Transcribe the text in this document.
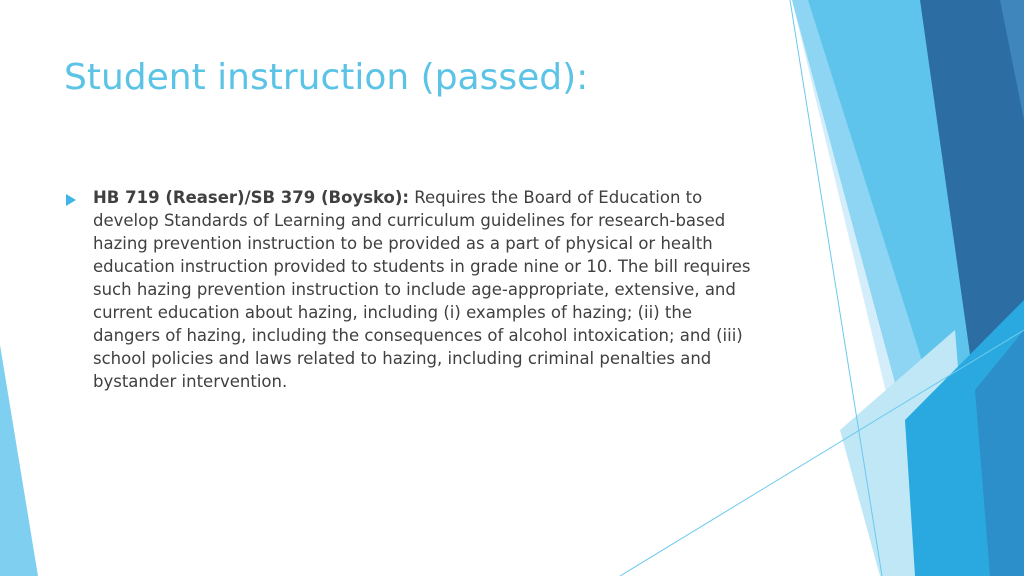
Student instruction (passed):

HB 719 (Reaser)/SB 379 (Boysko): Requires the Board of Education to develop Standards of Learning and curriculum guidelines for research-based hazing prevention instruction to be provided as a part of physical or health education instruction provided to students in grade nine or 10. The bill requires such hazing prevention instruction to include age-appropriate, extensive, and current education about hazing, including (i) examples of hazing; (ii) the dangers of hazing, including the consequences of alcohol intoxication; and (iii) school policies and laws related to hazing, including criminal penalties and bystander intervention.
